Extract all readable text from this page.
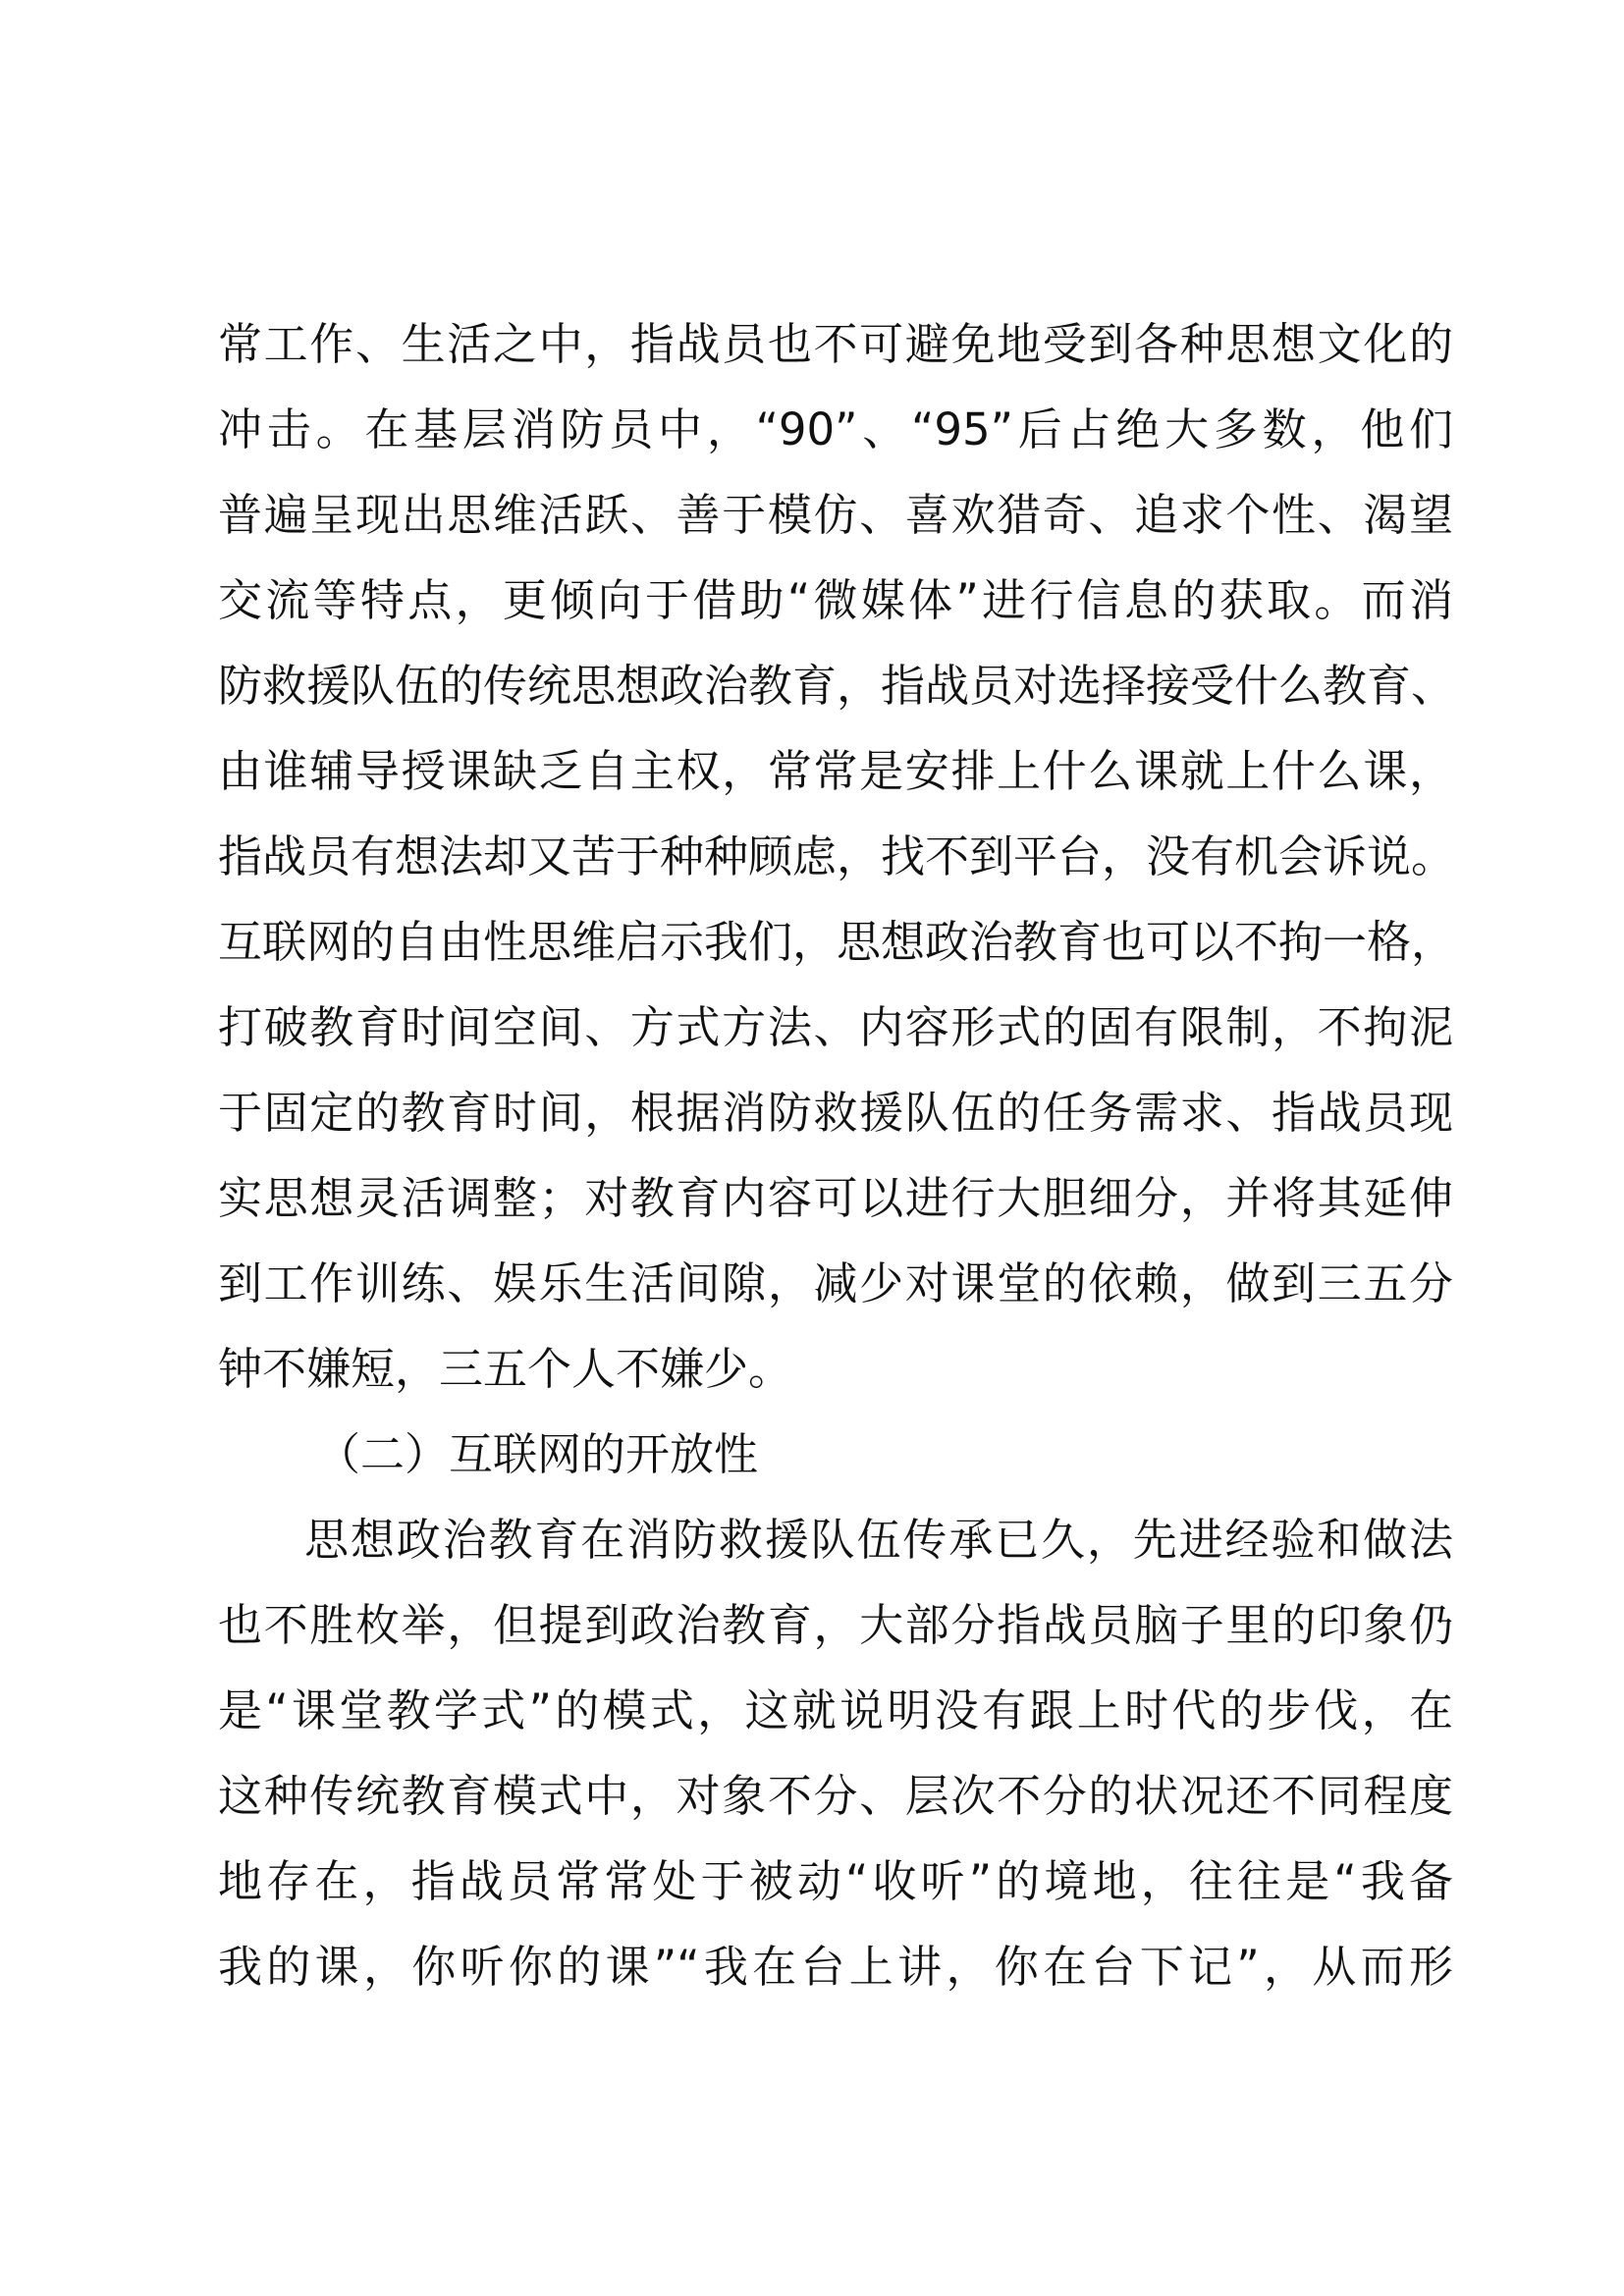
常工作、生活之中，指战员也不可避免地受到各种思想文化的
冲击。在基层消防员中，“90”、“95”后占绝大多数，他们
普遍呈现出思维活跃、善于模仿、喜欢猎奇、追求个性、渴望
交流等特点，更倾向于借助“微媒体”进行信息的获取。而消
防救援队伍的传统思想政治教育，指战员对选择接受什么教育、
由谁辅导授课缺乏自主权，常常是安排上什么课就上什么课，
指战员有想法却又苦于种种顾虑，找不到平台，没有机会诉说。
互联网的自由性思维启示我们，思想政治教育也可以不拘一格，
打破教育时间空间、方式方法、内容形式的固有限制，不拘泥
于固定的教育时间，根据消防救援队伍的任务需求、指战员现
实思想灵活调整；对教育内容可以进行大胆细分，并将其延伸
到工作训练、娱乐生活间隙，减少对课堂的依赖，做到三五分
钟不嫌短，三五个人不嫌少。
（二）互联网的开放性
思想政治教育在消防救援队伍传承已久，先进经验和做法
也不胜枚举，但提到政治教育，大部分指战员脑子里的印象仍
是“课堂教学式”的模式，这就说明没有跟上时代的步伐，在
这种传统教育模式中，对象不分、层次不分的状况还不同程度
地存在，指战员常常处于被动“收听”的境地，往往是“我备
我的课，你听你的课”“我在台上讲，你在台下记”，从而形
